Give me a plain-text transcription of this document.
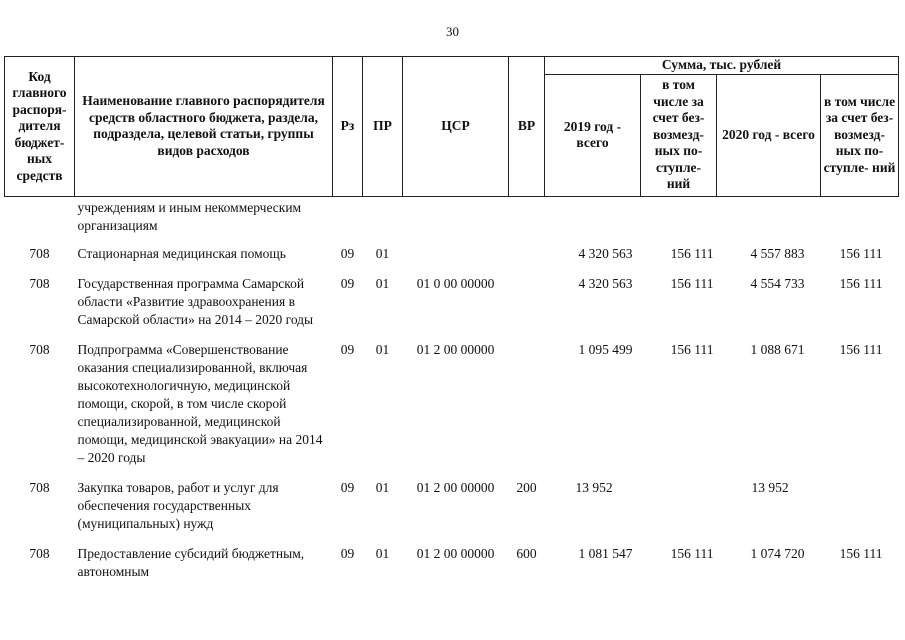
30
Код главного распоря- дителя бюджет- ных средств	Наименование главного распорядителя средств областного бюджета, раздела, подраздела, целевой статьи, группы видов расходов	Рз	ПР	ЦСР	ВР	Сумма, тыс. рублей			
						2019 год - всего	в том числе за счет без- возмезд- ных по- ступле- ний	2020 год - всего	в том числе за счет без- возмезд- ных по- ступле- ний
	учреждениям и иным некоммерческим организациям								
708	Стационарная медицинская помощь	09	01			4 320 563	156 111	4 557 883	156 111
708	Государственная программа Самарской области «Развитие здравоохранения в Самарской области» на 2014 – 2020 годы	09	01	01 0 00 00000		4 320 563	156 111	4 554 733	156 111
708	Подпрограмма «Совершенствование оказания специализированной, включая высокотехнологичную, медицинской помощи, скорой, в том числе скорой специализированной, медицинской помощи, медицинской эвакуации» на 2014 – 2020 годы	09	01	01 2 00 00000		1 095 499	156 111	1 088 671	156 111
708	Закупка товаров, работ и услуг для обеспечения государственных (муниципальных) нужд	09	01	01 2 00 00000	200	13 952		13 952	
708	Предоставление субсидий бюджетным, автономным	09	01	01 2 00 00000	600	1 081 547	156 111	1 074 720	156 111
